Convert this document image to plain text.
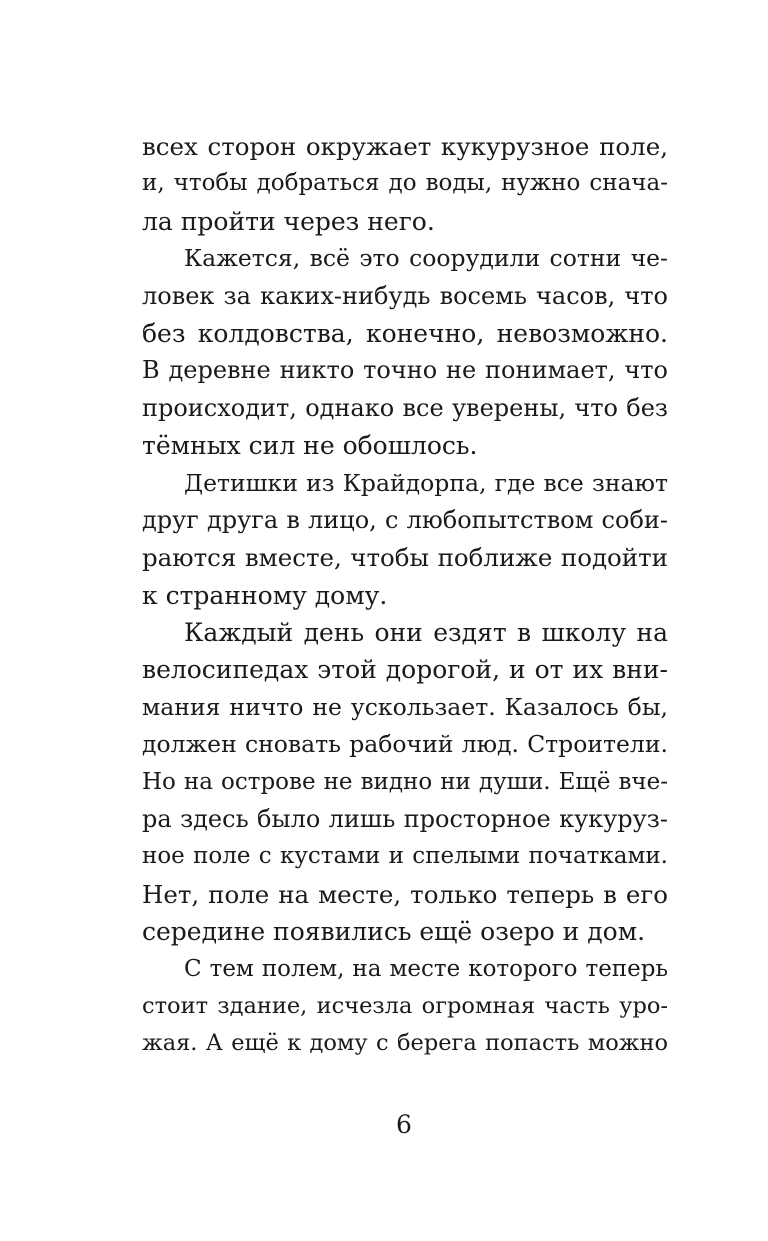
всех сторон окружает кукурузное поле,
и, чтобы добраться до воды, нужно снача-
ла пройти через него.
Кажется, всё это соорудили сотни че-
ловек за каких-нибудь восемь часов, что
без колдовства, конечно, невозможно.
В деревне никто точно не понимает, что
происходит, однако все уверены, что без
тёмных сил не обошлось.
Детишки из Крайдорпа, где все знают
друг друга в лицо, с любопытством соби-
раются вместе, чтобы поближе подойти
к странному дому.
Каждый день они ездят в школу на
велосипедах этой дорогой, и от их вни-
мания ничто не ускользает. Казалось бы,
должен сновать рабочий люд. Строители.
Но на острове не видно ни души. Ещё вче-
ра здесь было лишь просторное кукуруз-
ное поле с кустами и спелыми початками.
Нет, поле на месте, только теперь в его
середине появились ещё озеро и дом.
С тем полем, на месте которого теперь
стоит здание, исчезла огромная часть уро-
жая. А ещё к дому с берега попасть можно
6
